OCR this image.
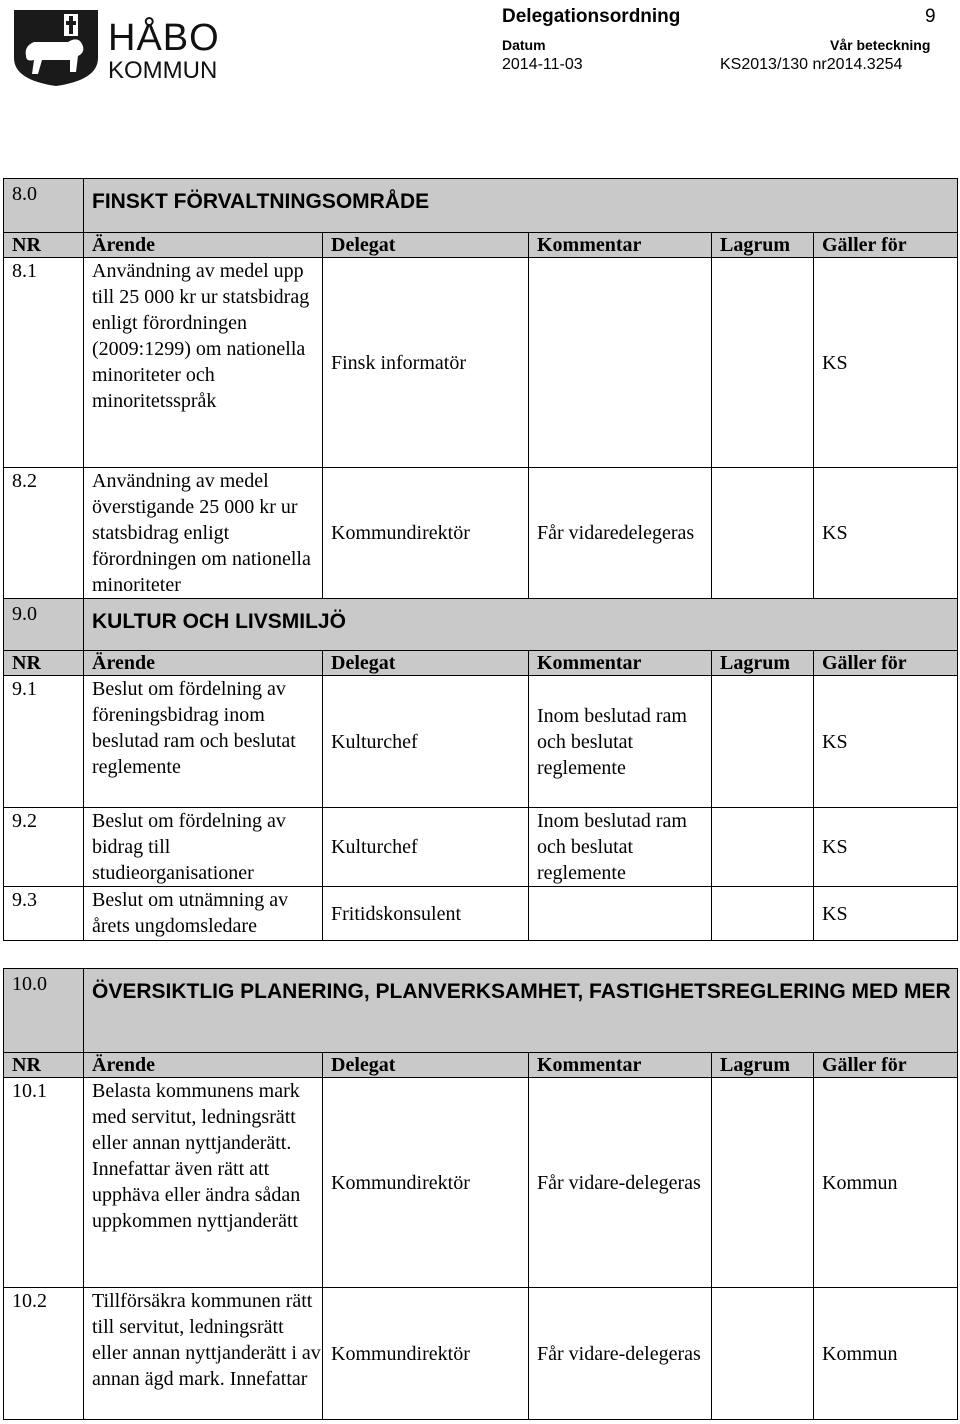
HÅBO
KOMMUN
Delegationsordning	9
Datum	Vår beteckning
2014-11-03	KS2013/130 nr2014.3254
8.0	FINSKT FÖRVALTNINGSOMRÅDE				
NR	Ärende	Delegat	Kommentar	Lagrum	Gäller för
8.1	Användning av medel upp till 25 000 kr ur statsbidrag enligt förordningen (2009:1299) om nationella minoriteter och minoritetsspråk	Finsk informatör			KS
8.2	Användning av medel överstigande 25 000 kr ur statsbidrag enligt förordningen om nationella minoriteter	Kommundirektör	Får vidaredelegeras		KS
9.0	KULTUR OCH LIVSMILJÖ				
NR	Ärende	Delegat	Kommentar	Lagrum	Gäller för
9.1	Beslut om fördelning av föreningsbidrag inom beslutad ram och beslutat reglemente	Kulturchef	Inom beslutad ram och beslutat reglemente		KS
9.2	Beslut om fördelning av bidrag till studieorganisationer	Kulturchef	Inom beslutad ram och beslutat reglemente		KS
9.3	Beslut om utnämning av årets ungdomsledare	Fritidskonsulent			KS
10.0	ÖVERSIKTLIG PLANERING, PLANVERKSAMHET, FASTIGHETSREGLERING MED MER				
NR	Ärende	Delegat	Kommentar	Lagrum	Gäller för
10.1	Belasta kommunens mark med servitut, ledningsrätt eller annan nyttjanderätt. Innefattar även rätt att upphäva eller ändra sådan uppkommen nyttjanderätt	Kommundirektör	Får vidare-delegeras		Kommun
10.2	Tillförsäkra kommunen rätt till servitut, ledningsrätt eller annan nyttjanderätt i av annan ägd mark. Innefattar	Kommundirektör	Får vidare-delegeras		Kommun
